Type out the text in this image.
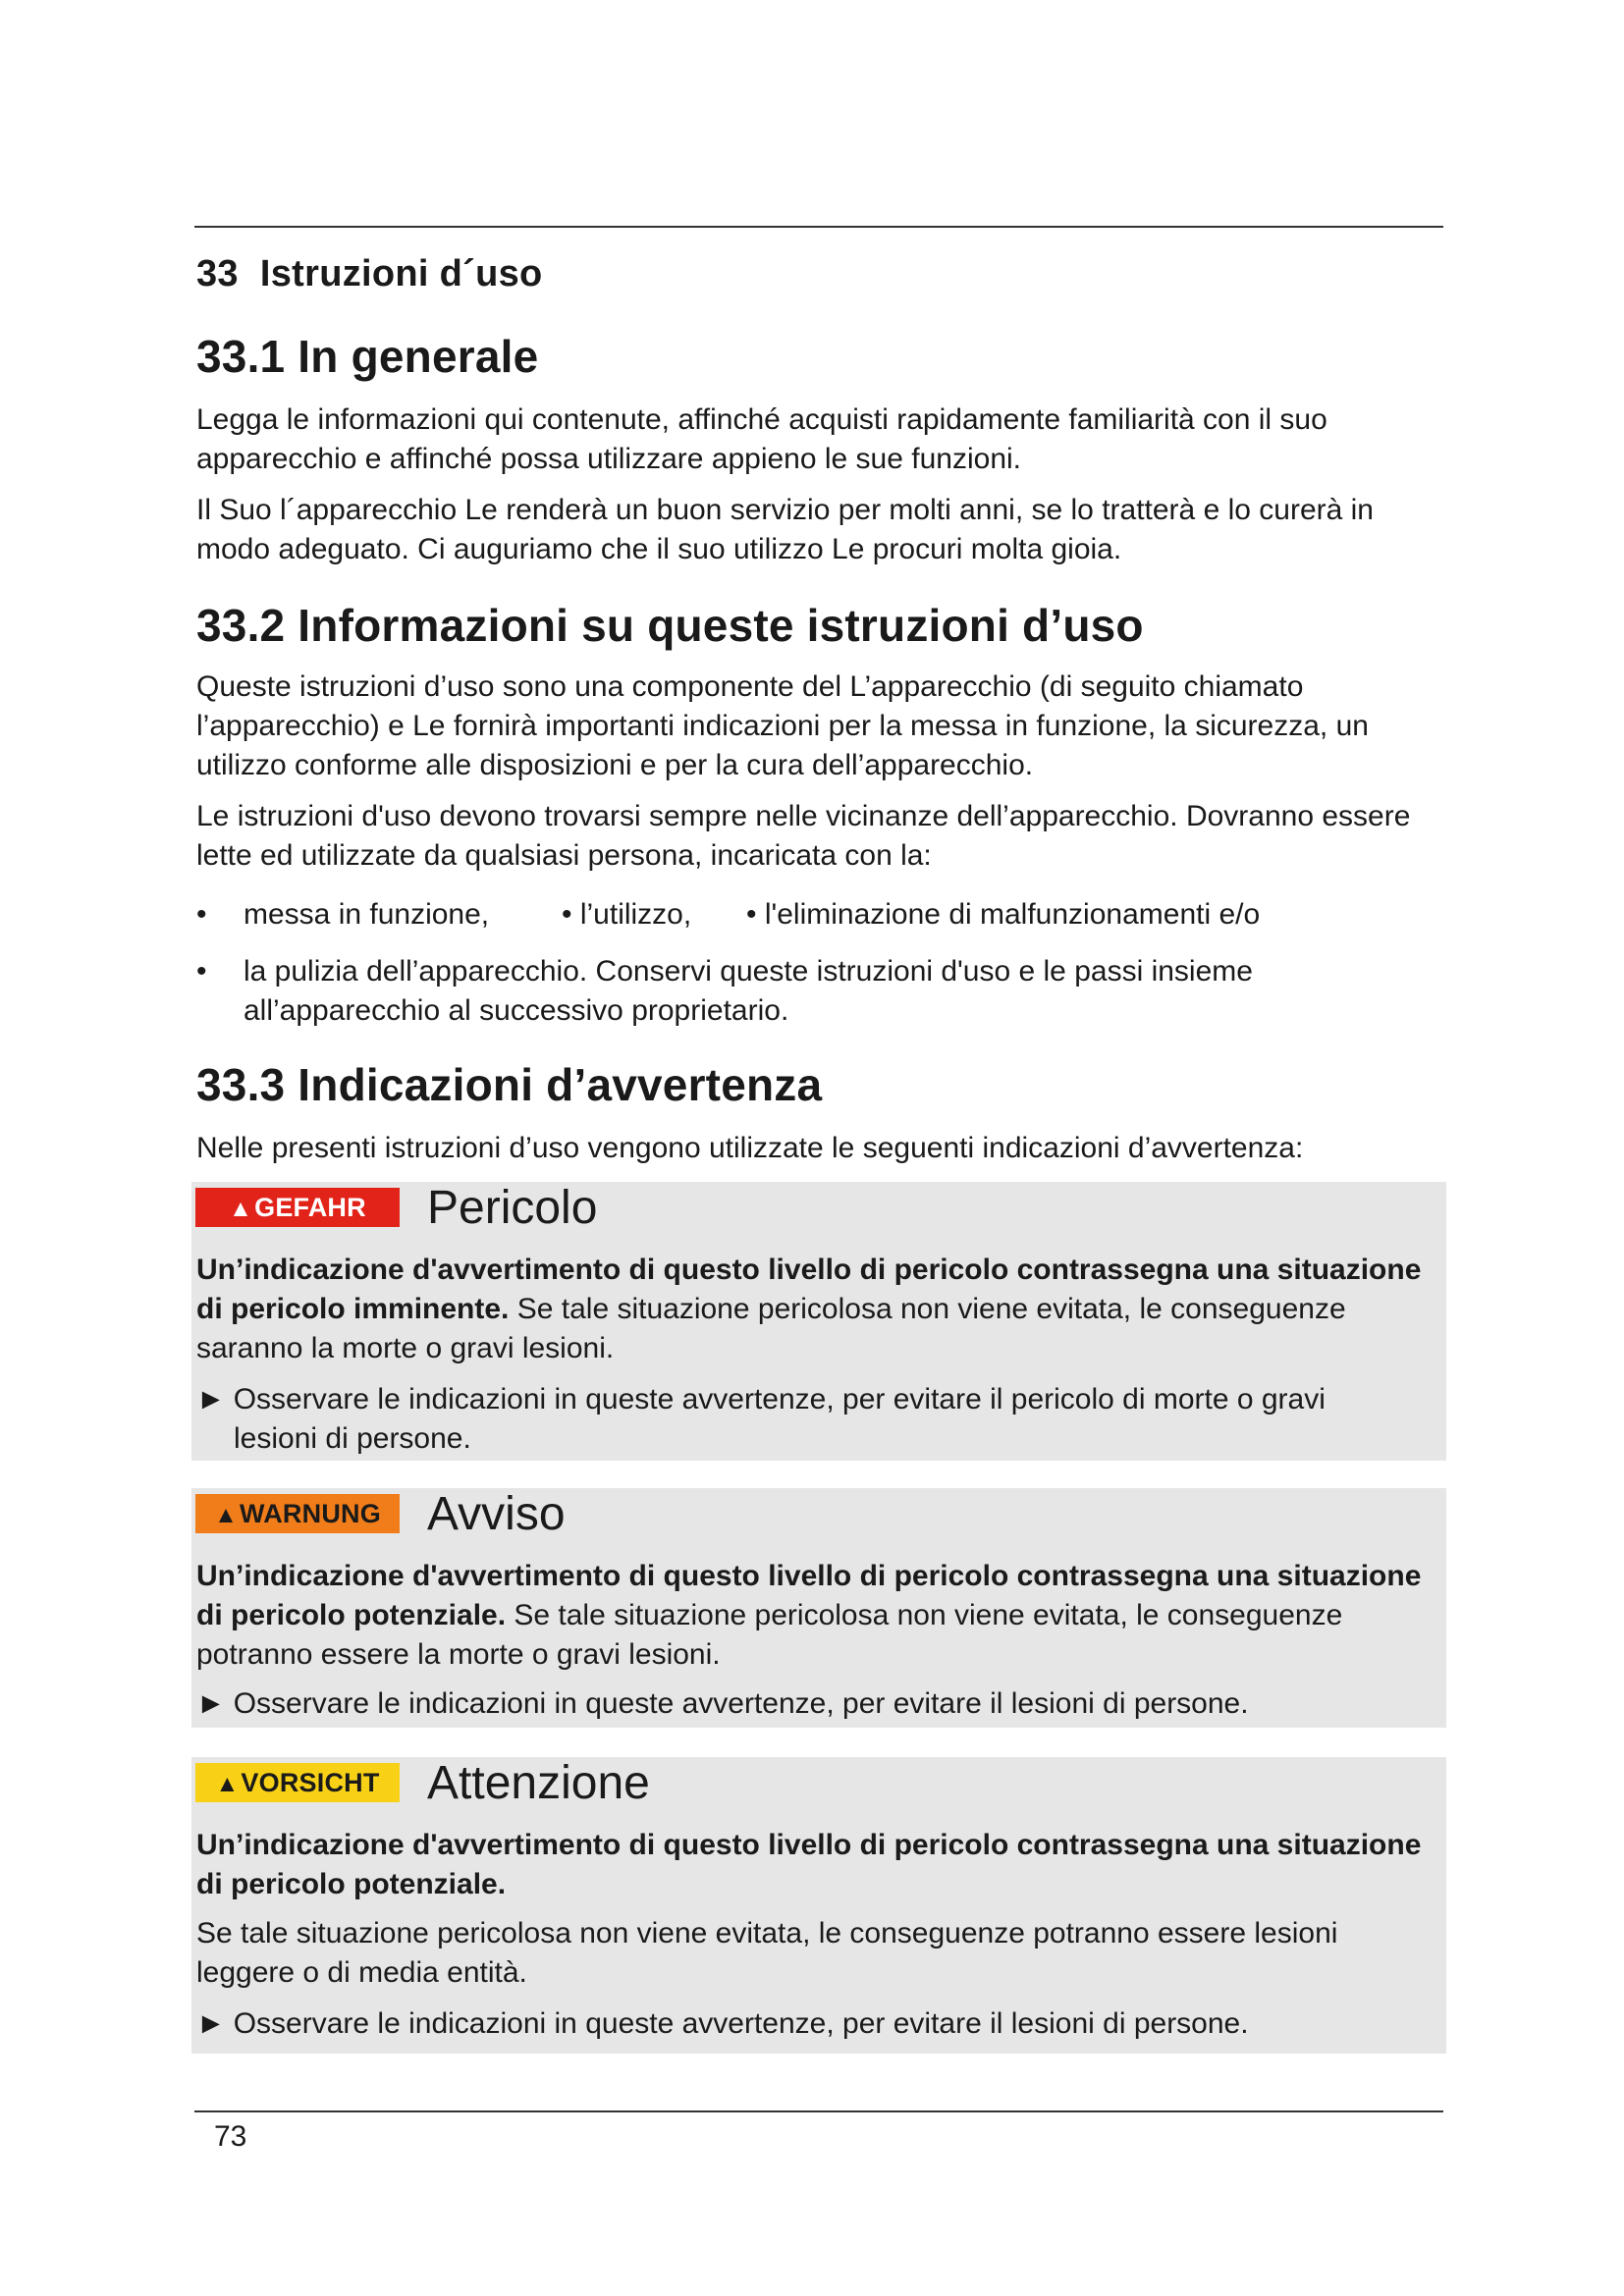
33 Istruzioni d´uso
33.1 In generale

Legga le informazioni qui contenute, affinché acquisti rapidamente familiarità con il suo apparecchio e affinché possa utilizzare appieno le sue funzioni.

Il Suo l´apparecchio Le renderà un buon servizio per molti anni, se lo tratterà e lo curerà in modo adeguato. Ci auguriamo che il suo utilizzo Le procuri molta gioia.

33.2 Informazioni su queste istruzioni d’uso

Queste istruzioni d’uso sono una componente del L’apparecchio (di seguito chiamato l’apparecchio) e Le fornirà importanti indicazioni per la messa in funzione, la sicurezza, un utilizzo conforme alle disposizioni e per la cura dell’apparecchio.

Le istruzioni d'uso devono trovarsi sempre nelle vicinanze dell’apparecchio. Dovranno essere lette ed utilizzate da qualsiasi persona, incaricata con la:

• messa in funzione, • l’utilizzo, • l'eliminazione di malfunzionamenti e/o
• la pulizia dell’apparecchio. Conservi queste istruzioni d'uso e le passi insieme all’apparecchio al successivo proprietario.
33.3 Indicazioni d’avvertenza

Nelle presenti istruzioni d’uso vengono utilizzate le seguenti indicazioni d’avvertenza:

▲GEFAHR	Pericolo

Un’indicazione d'avvertimento di questo livello di pericolo contrassegna una situazione di pericolo imminente. Se tale situazione pericolosa non viene evitata, le conseguenze saranno la morte o gravi lesioni.

► Osservare le indicazioni in queste avvertenze, per evitare il pericolo di morte o gravi
lesioni di persone.
▲WARNUNG Avviso

Un’indicazione d'avvertimento di questo livello di pericolo contrassegna una situazione di pericolo potenziale. Se tale situazione pericolosa non viene evitata, le conseguenze potranno essere la morte o gravi lesioni.

► Osservare le indicazioni in queste avvertenze, per evitare il lesioni di persone.
▲VORSICHT	Attenzione

Un’indicazione d'avvertimento di questo livello di pericolo contrassegna una situazione di pericolo potenziale.

Se tale situazione pericolosa non viene evitata, le conseguenze potranno essere lesioni leggere o di media entità.

► Osservare le indicazioni in queste avvertenze, per evitare il lesioni di persone.
73
